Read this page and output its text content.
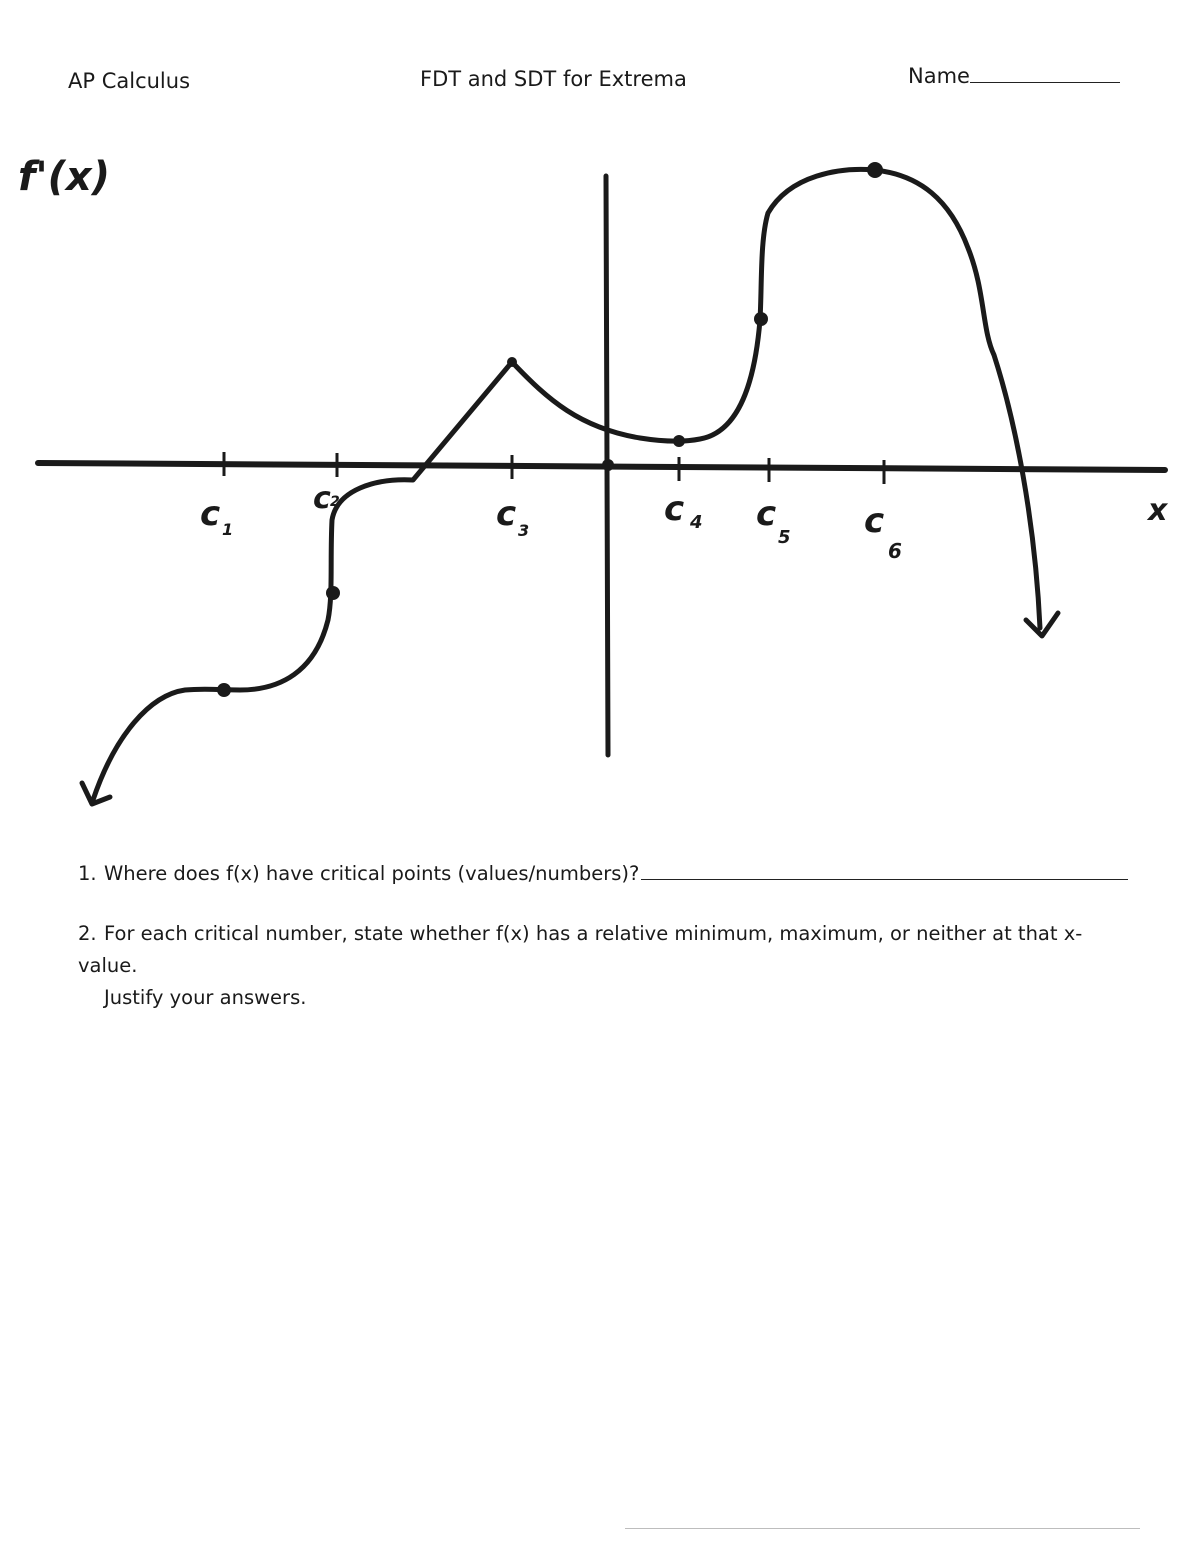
AP Calculus	FDT and SDT for Extrema	Name
f'(x)
x
c 1
c 2	c 3
c 4 c
5 c
6
1. Where does f(x) have critical points (values/numbers)?
2. For each critical number, state whether f(x) has a relative minimum, maximum, or neither at that x-value.
Justify your answers.
